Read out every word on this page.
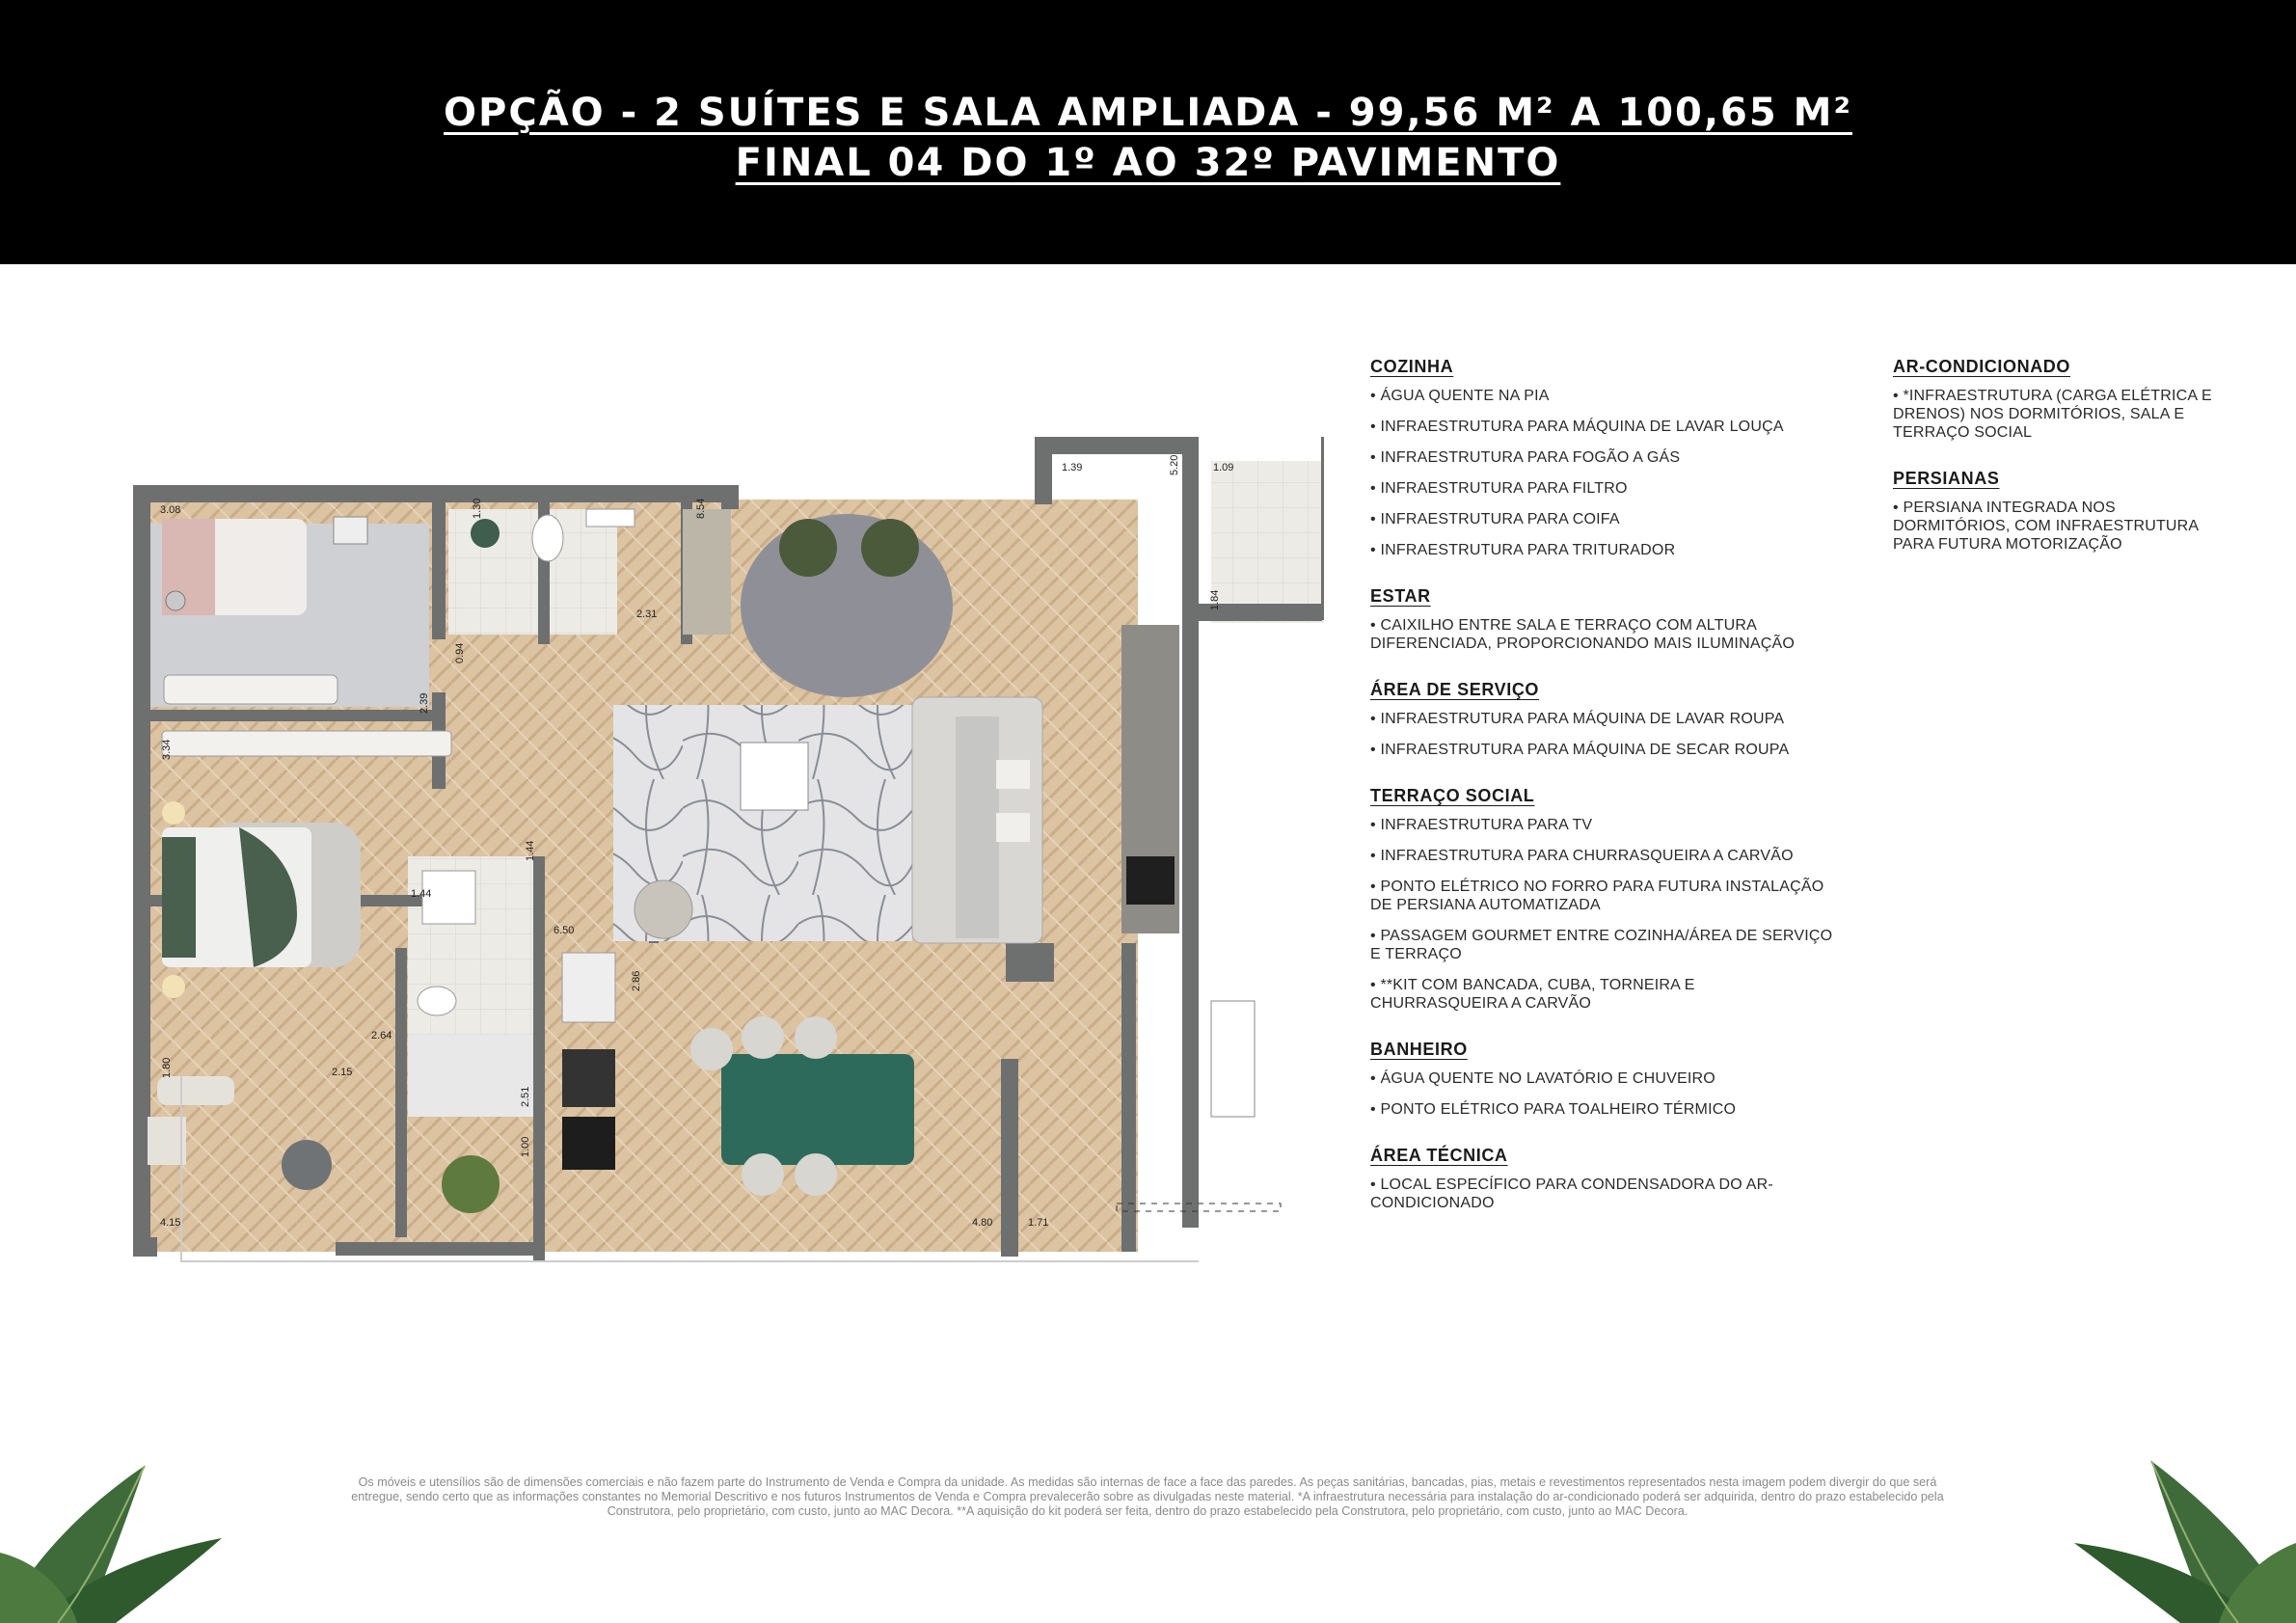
OPÇÃO - 2 SUÍTES E SALA AMPLIADA - 99,56 M² A 100,65 M²
FINAL 04 DO 1º AO 32º PAVIMENTO
3.08
1.39	5.20	1.09
1.84
2.31
0.94
2.39
3.34
1.44
1.44
6.50
2.64
2.86
1.80	2.15
2.51
1.00
4.15	4.80	1.71
8.54
1.30
COZINHA
• ÁGUA QUENTE NA PIA
• INFRAESTRUTURA PARA MÁQUINA DE LAVAR LOUÇA
• INFRAESTRUTURA PARA FOGÃO A GÁS
• INFRAESTRUTURA PARA FILTRO
• INFRAESTRUTURA PARA COIFA
• INFRAESTRUTURA PARA TRITURADOR
ESTAR
• CAIXILHO ENTRE SALA E TERRAÇO COM ALTURA DIFERENCIADA, PROPORCIONANDO MAIS ILUMINAÇÃO
ÁREA DE SERVIÇO
• INFRAESTRUTURA PARA MÁQUINA DE LAVAR ROUPA
• INFRAESTRUTURA PARA MÁQUINA DE SECAR ROUPA
TERRAÇO SOCIAL
• INFRAESTRUTURA PARA TV
• INFRAESTRUTURA PARA CHURRASQUEIRA A CARVÃO
• PONTO ELÉTRICO NO FORRO PARA FUTURA INSTALAÇÃO DE PERSIANA AUTOMATIZADA
• PASSAGEM GOURMET ENTRE COZINHA/ÁREA DE SERVIÇO E TERRAÇO
• **KIT COM BANCADA, CUBA, TORNEIRA E CHURRASQUEIRA A CARVÃO
BANHEIRO
• ÁGUA QUENTE NO LAVATÓRIO E CHUVEIRO
• PONTO ELÉTRICO PARA TOALHEIRO TÉRMICO
ÁREA TÉCNICA
• LOCAL ESPECÍFICO PARA CONDENSADORA DO AR-CONDICIONADO
AR-CONDICIONADO
• *INFRAESTRUTURA (CARGA ELÉTRICA E DRENOS) NOS DORMITÓRIOS, SALA E TERRAÇO SOCIAL
PERSIANAS
• PERSIANA INTEGRADA NOS DORMITÓRIOS, COM INFRAESTRUTURA PARA FUTURA MOTORIZAÇÃO
Os móveis e utensílios são de dimensões comerciais e não fazem parte do Instrumento de Venda e Compra da unidade. As medidas são internas de face a face das paredes. As peças sanitárias, bancadas, pias, metais e revestimentos representados nesta imagem podem divergir do que será entregue, sendo certo que as informações constantes no Memorial Descritivo e nos futuros Instrumentos de Venda e Compra prevalecerão sobre as divulgadas neste material. *A infraestrutura necessária para instalação do ar-condicionado poderá ser adquirida, dentro do prazo estabelecido pela Construtora, pelo proprietário, com custo, junto ao MAC Decora. **A aquisição do kit poderá ser feita, dentro do prazo estabelecido pela Construtora, pelo proprietário, com custo, junto ao MAC Decora.
